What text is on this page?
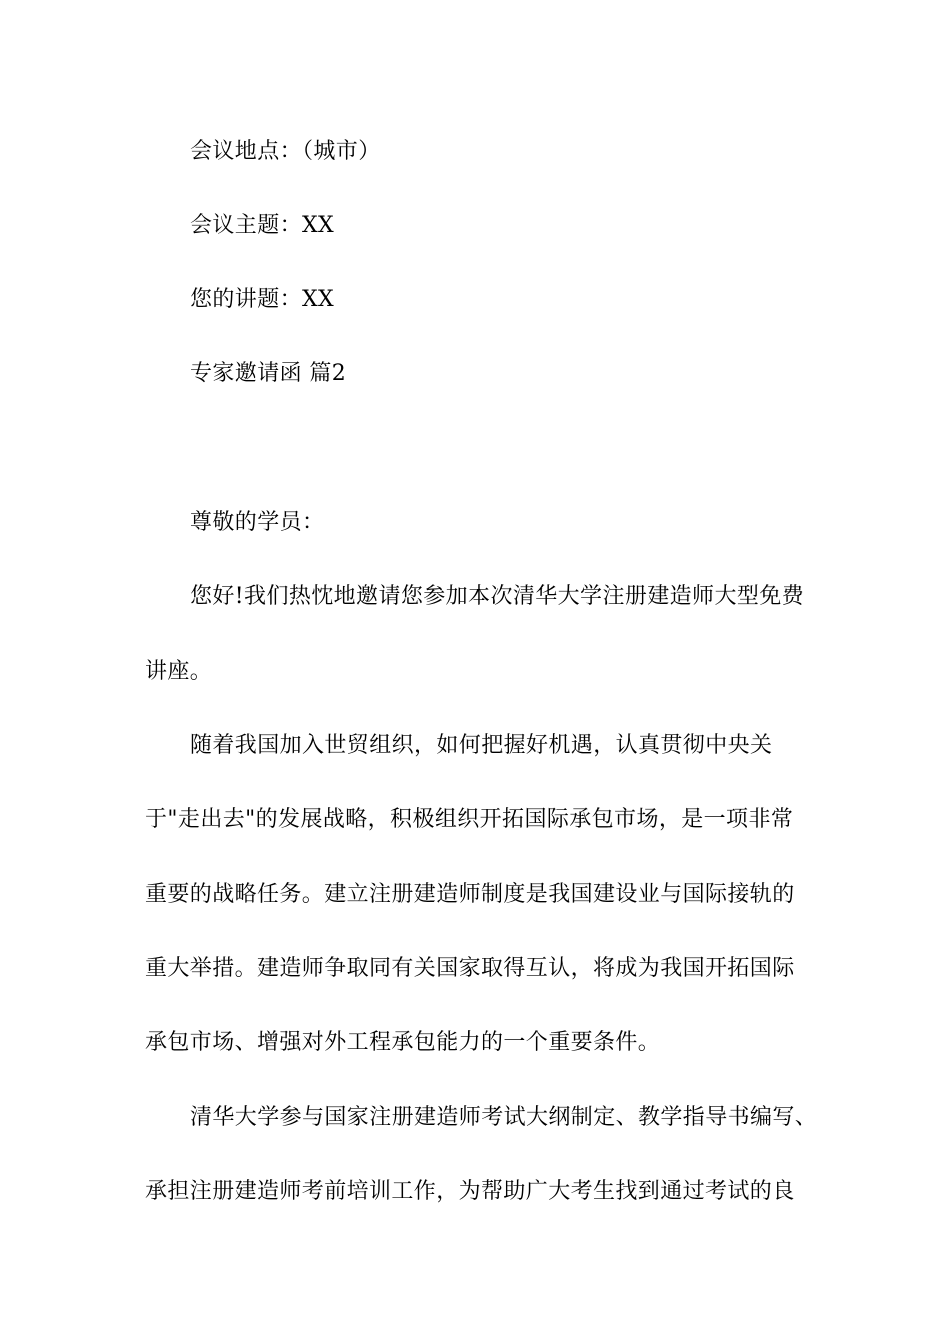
会议地点：（城市）
会议主题：XX
您的讲题：XX
专家邀请函 篇2
尊敬的学员：
您好!我们热忱地邀请您参加本次清华大学注册建造师大型免费
讲座。
随着我国加入世贸组织，如何把握好机遇，认真贯彻中央关
于"走出去"的发展战略，积极组织开拓国际承包市场，是一项非常
重要的战略任务。建立注册建造师制度是我国建设业与国际接轨的
重大举措。建造师争取同有关国家取得互认，将成为我国开拓国际
承包市场、增强对外工程承包能力的一个重要条件。
清华大学参与国家注册建造师考试大纲制定、教学指导书编写、
承担注册建造师考前培训工作，为帮助广大考生找到通过考试的良
